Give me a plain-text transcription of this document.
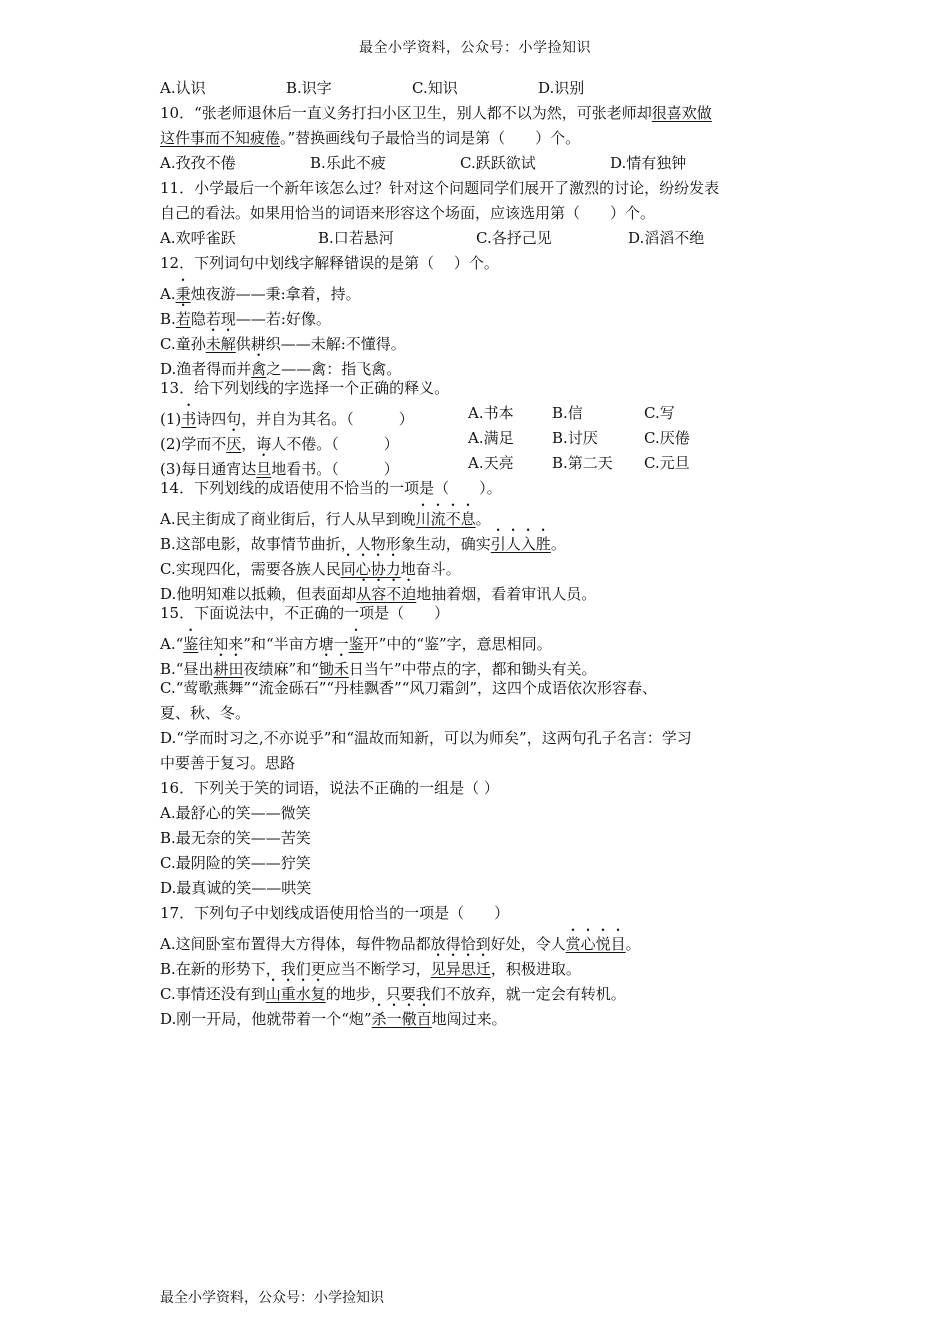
最全小学资料，公众号：小学捡知识
A.认识	B.识字	C.知识	D.识别
10．“张老师退休后一直义务打扫小区卫生，别人都不以为然，可张老师却很喜欢做
这件事而不知疲倦。”替换画线句子最恰当的词是第（　　）个。
A.孜孜不倦	B.乐此不疲	C.跃跃欲试	D.情有独钟
11．小学最后一个新年该怎么过？针对这个问题同学们展开了激烈的讨论，纷纷发表
自己的看法。如果用恰当的词语来形容这个场面，应该选用第（　　）个。
A.欢呼雀跃	B.口若悬河	C.各抒己见	D.滔滔不绝
12．下列词句中划线字解释错误的是第（　 ）个。
A.秉烛夜游——秉:拿着，持。
B.若隐若现——若:好像。
C.童孙未解供耕织——未解:不懂得。
D.渔者得而并禽之——禽：指飞禽。
13．给下列划线的字选择一个正确的释义。
(1)书诗四句，并自为其名。（　　　）	A.书本	B.信	C.写
(2)学而不厌，诲人不倦。（　　　）	A.满足	B.讨厌	C.厌倦
(3)每日通宵达旦地看书。（　　　）	A.天亮	B.第二天	C.元旦
14．下列划线的成语使用不恰当的一项是（　　）。
A.民主街成了商业街后，行人从早到晚川流不息。
B.这部电影，故事情节曲折，人物形象生动，确实引人入胜。
C.实现四化，需要各族人民同心协力地奋斗。
D.他明知难以抵赖，但表面却从容不迫地抽着烟，看着审讯人员。
15．下面说法中，不正确的一项是（　　）
A.“鉴往知来”和“半亩方塘一鉴开”中的“鉴”字，意思相同。
B.“昼出耕田夜绩麻”和“锄禾日当午”中带点的字，都和锄头有关。
C.“莺歌燕舞”“流金砾石”“丹桂飘香”“风刀霜剑”，这四个成语依次形容春、
夏、秋、冬。
D.“学而时习之,不亦说乎”和“温故而知新，可以为师矣”，这两句孔子名言：学习
中要善于复习。思路
16．下列关于笑的词语，说法不正确的一组是（ ）
A.最舒心的笑——微笑
B.最无奈的笑——苦笑
C.最阴险的笑——狞笑
D.最真诚的笑——哄笑
17．下列句子中划线成语使用恰当的一项是（　　）
A.这间卧室布置得大方得体，每件物品都放得恰到好处，令人赏心悦目。
B.在新的形势下，我们更应当不断学习，见异思迁，积极进取。
C.事情还没有到山重水复的地步，只要我们不放弃，就一定会有转机。
D.刚一开局，他就带着一个“炮”杀一儆百地闯过来。
最全小学资料，公众号：小学捡知识
